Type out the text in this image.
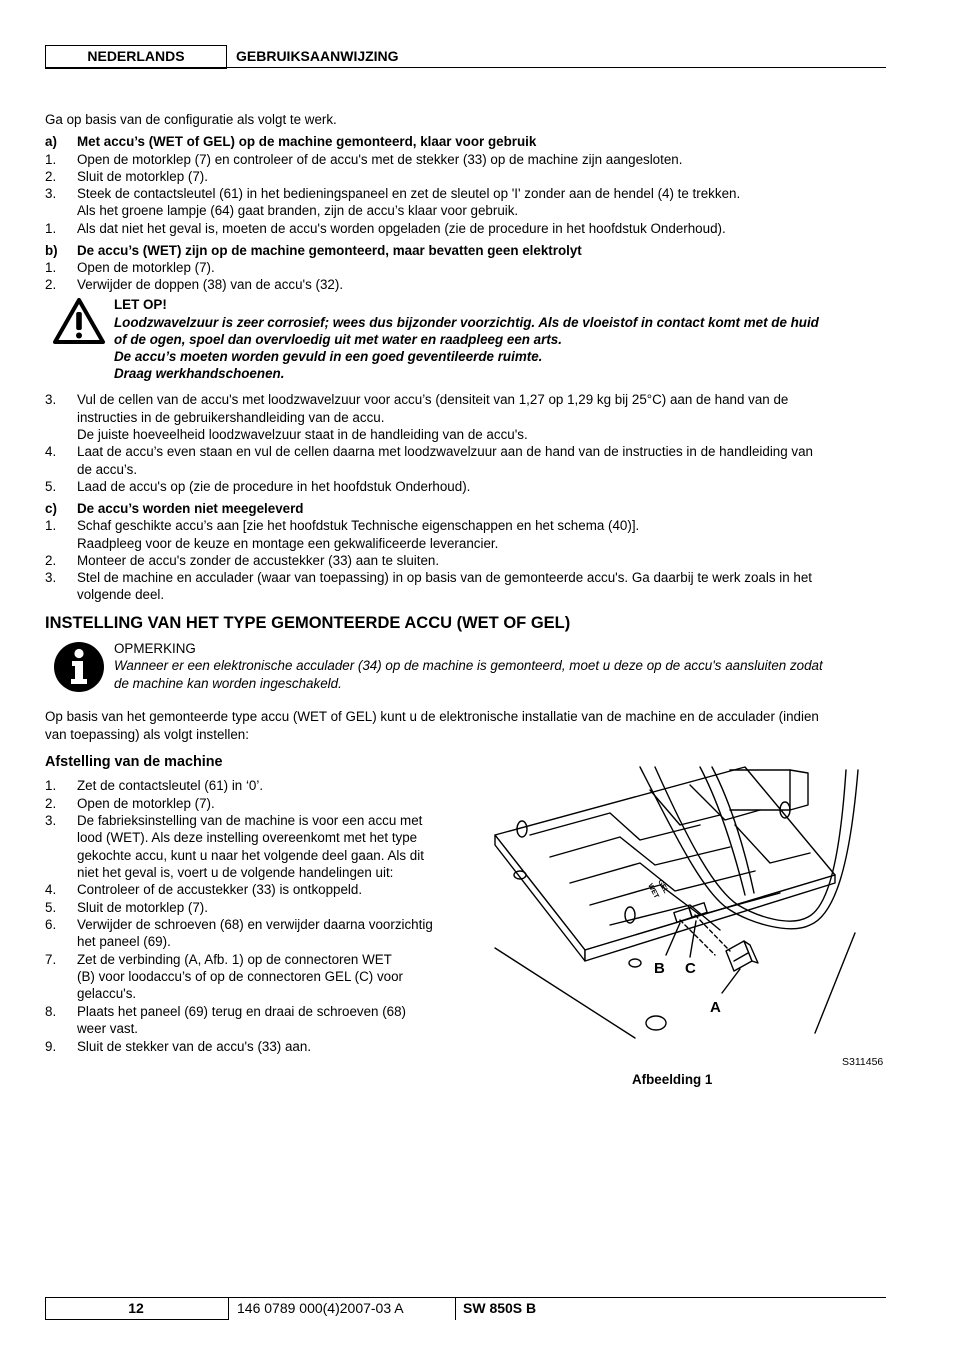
NEDERLANDS	GEBRUIKSAANWIJZING
Ga op basis van de configuratie als volgt te werk.
a) Met accu’s (WET of GEL) op de machine gemonteerd, klaar voor gebruik
1. Open de motorklep (7) en controleer of de accu's met de stekker (33) op de machine zijn aangesloten.
2. Sluit de motorklep (7).
3. Steek de contactsleutel (61) in het bedieningspaneel en zet de sleutel op 'I' zonder aan de hendel (4) te trekken.
Als het groene lampje (64) gaat branden, zijn de accu’s klaar voor gebruik.
1. Als dat niet het geval is, moeten de accu's worden opgeladen (zie de procedure in het hoofdstuk Onderhoud).
b) De accu’s (WET) zijn op de machine gemonteerd, maar bevatten geen elektrolyt
1. Open de motorklep (7).
2. Verwijder de doppen (38) van de accu's (32).
LET OP!
Loodzwavelzuur is zeer corrosief; wees dus bijzonder voorzichtig. Als de vloeistof in contact komt met de huid
of de ogen, spoel dan overvloedig uit met water en raadpleeg een arts.
De accu’s moeten worden gevuld in een goed geventileerde ruimte.
Draag werkhandschoenen.
3. Vul de cellen van de accu's met loodzwavelzuur voor accu’s (densiteit van 1,27 op 1,29 kg bij 25°C) aan de hand van de
instructies in de gebruikershandleiding van de accu.
De juiste hoeveelheid loodzwavelzuur staat in de handleiding van de accu's.
4. Laat de accu’s even staan en vul de cellen daarna met loodzwavelzuur aan de hand van de instructies in de handleiding van
de accu’s.
5. Laad de accu's op (zie de procedure in het hoofdstuk Onderhoud).
c) De accu’s worden niet meegeleverd
1. Schaf geschikte accu’s aan [zie het hoofdstuk Technische eigenschappen en het schema (40)].
Raadpleeg voor de keuze en montage een gekwalificeerde leverancier.
2. Monteer de accu's zonder de accustekker (33) aan te sluiten.
3. Stel de machine en acculader (waar van toepassing) in op basis van de gemonteerde accu's. Ga daarbij te werk zoals in het
volgende deel.
INSTELLING VAN HET TYPE GEMONTEERDE ACCU (WET OF GEL)
OPMERKING
Wanneer er een elektronische acculader (34) op de machine is gemonteerd, moet u deze op de accu's aansluiten zodat
de machine kan worden ingeschakeld.
Op basis van het gemonteerde type accu (WET of GEL) kunt u de elektronische installatie van de machine en de acculader (indien
van toepassing) als volgt instellen:
Afstelling van de machine
1. Zet de contactsleutel (61) in ‘0’.
2. Open de motorklep (7).
3. De fabrieksinstelling van de machine is voor een accu met
lood (WET). Als deze instelling overeenkomt met het type
gekochte accu, kunt u naar het volgende deel gaan. Als dit
niet het geval is, voert u de volgende handelingen uit:
4. Controleer of de accustekker (33) is ontkoppeld.
5. Sluit de motorklep (7).
6. Verwijder de schroeven (68) en verwijder daarna voorzichtig
het paneel (69).
7. Zet de verbinding (A, Afb. 1) op de connectoren WET
(B) voor loodaccu’s of op de connectoren GEL (C) voor
gelaccu's.
8. Plaats het paneel (69) terug en draai de schroeven (68)
weer vast.
9. Sluit de stekker van de accu's (33) aan.
GEL
WET
B C
A
S311456
Afbeelding 1
12	146 0789 000(4)2007-03 A	SW 850S B
